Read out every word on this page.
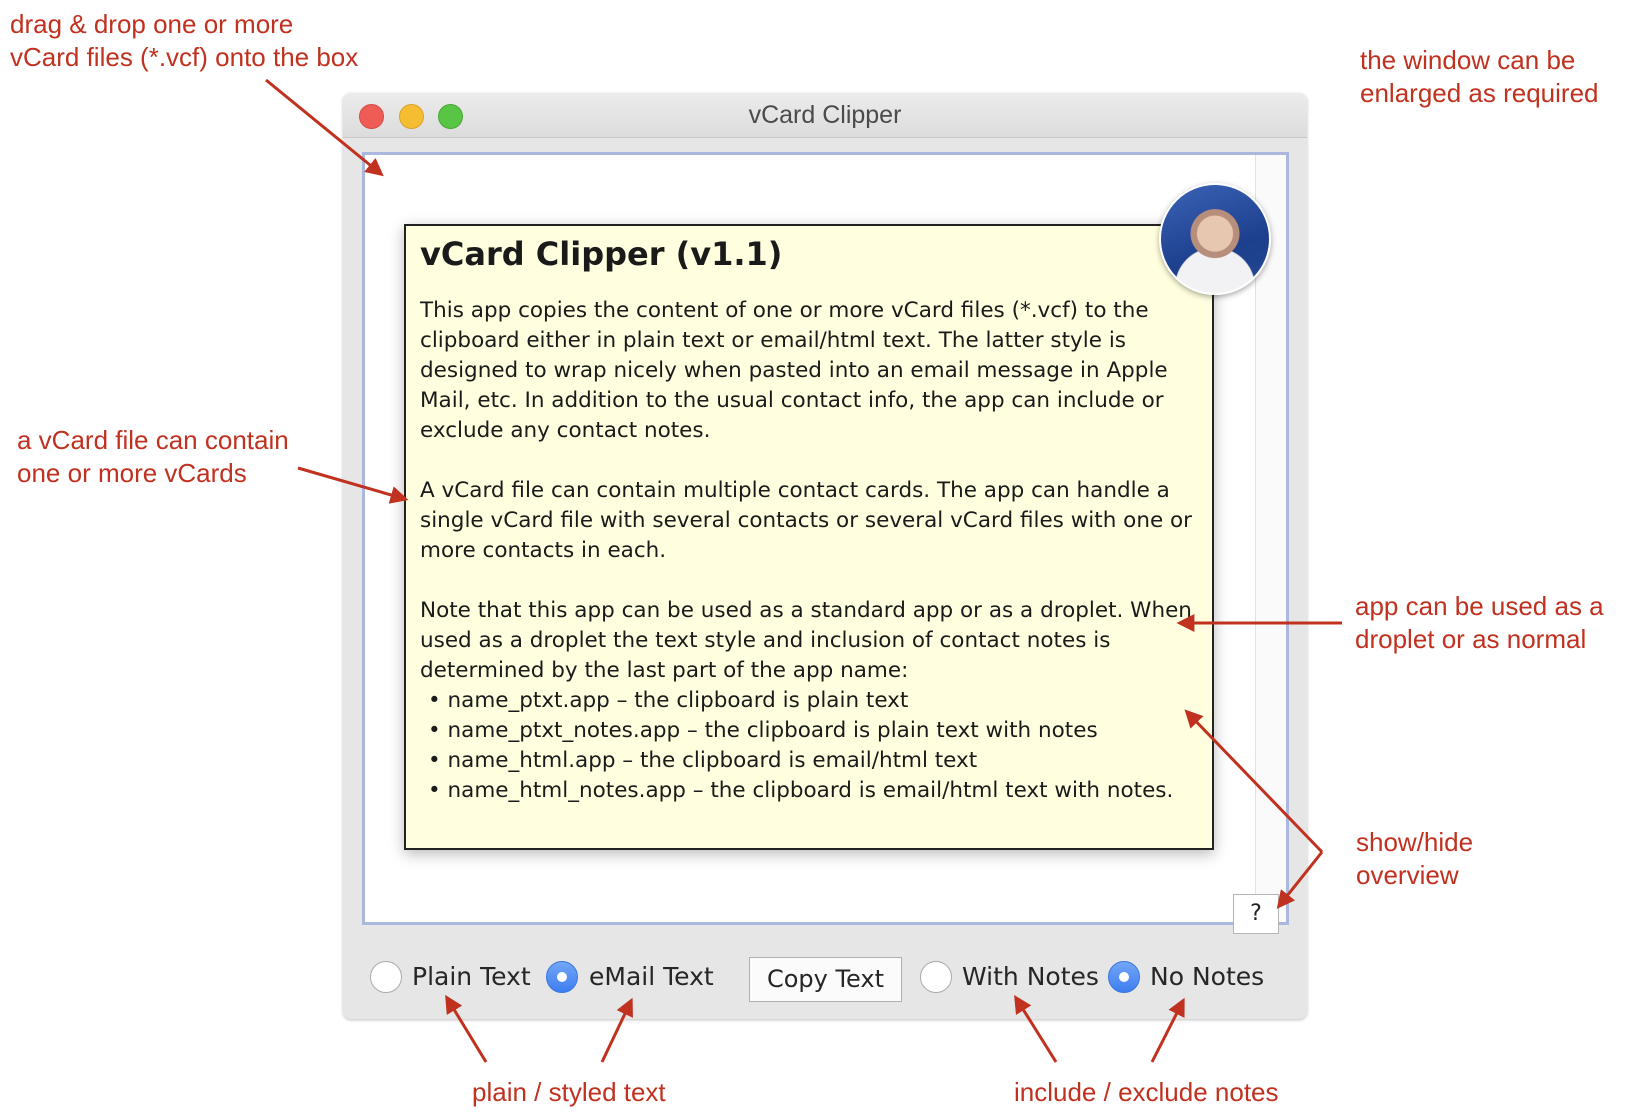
drag & drop one or more
vCard files (*.vcf) onto the box	the window can be
enlarged as required
a vCard file can contain
one or more vCards
app can be used as a
droplet or as normal
show/hide
overview
plain / styled text	include / exclude notes
vCard Clipper
vCard Clipper (v1.1)

This app copies the content of one or more vCard files (*.vcf) to the clipboard either in plain text or email/html text. The latter style is designed to wrap nicely when pasted into an email message in Apple Mail, etc. In addition to the usual contact info, the app can include or exclude any contact notes.

A vCard file can contain multiple contact cards. The app can handle a single vCard file with several contacts or several vCard files with one or more contacts in each.

Note that this app can be used as a standard app or as a droplet. When used as a droplet the text style and inclusion of contact notes is determined by the last part of the app name:

• name_ptxt.app – the clipboard is plain text
• name_ptxt_notes.app – the clipboard is plain text with notes
• name_html.app – the clipboard is email/html text
• name_html_notes.app – the clipboard is email/html text with notes.
?
Plain Text eMail Text	Copy Text	With Notes No Notes
